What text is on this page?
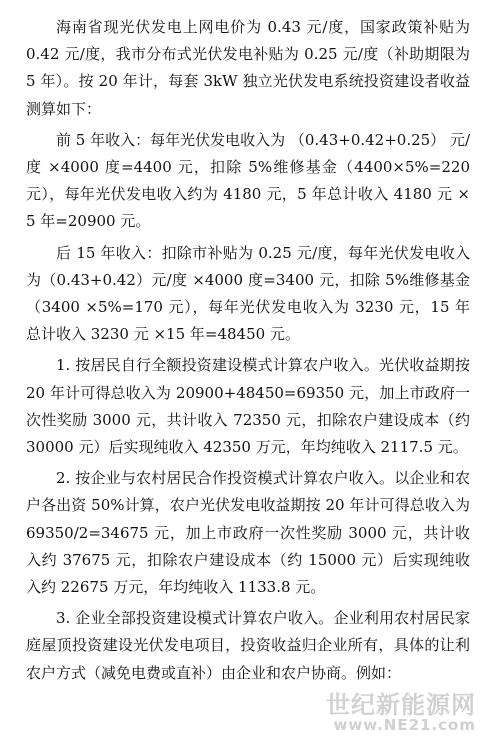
海南省现光伏发电上网电价为 0.43 元/度，国家政策补贴为 0.42 元/度，我市分布式光伏发电补贴为 0.25 元/度（补助期限为 5 年）。按 20 年计，每套 3kW 独立光伏发电系统投资建设者收益测算如下：

前 5 年收入：每年光伏发电收入为 （0.43+0.42+0.25） 元/度 ×4000 度=4400 元，扣除 5%维修基金（4400×5%=220 元），每年光伏发电收入约为 4180 元，5 年总计收入 4180 元 × 5 年=20900 元。

后 15 年收入：扣除市补贴为 0.25 元/度，每年光伏发电收入为（0.43+0.42）元/度 ×4000 度=3400 元，扣除 5%维修基金（3400 ×5%=170 元），每年光伏发电收入为 3230 元，15 年总计收入 3230 元 ×15 年=48450 元。

1. 按居民自行全额投资建设模式计算农户收入。光伏收益期按 20 年计可得总收入为 20900+48450=69350 元，加上市政府一次性奖励 3000 元，共计收入 72350 元，扣除农户建设成本（约 30000 元）后实现纯收入 42350 万元，年均纯收入 2117.5 元。

2. 按企业与农村居民合作投资模式计算农户收入。以企业和农户各出资 50%计算，农户光伏发电收益期按 20 年计可得总收入为 69350/2=34675 元，加上市政府一次性奖励 3000 元，共计收入约 37675 元，扣除农户建设成本（约 15000 元）后实现纯收入约 22675 万元，年均纯收入 1133.8 元。

3. 企业全部投资建设模式计算农户收入。企业利用农村居民家庭屋顶投资建设光伏发电项目，投资收益归企业所有，具体的让利农户方式（减免电费或直补）由企业和农户协商。例如：

世纪新能源网
www.NE21.com
